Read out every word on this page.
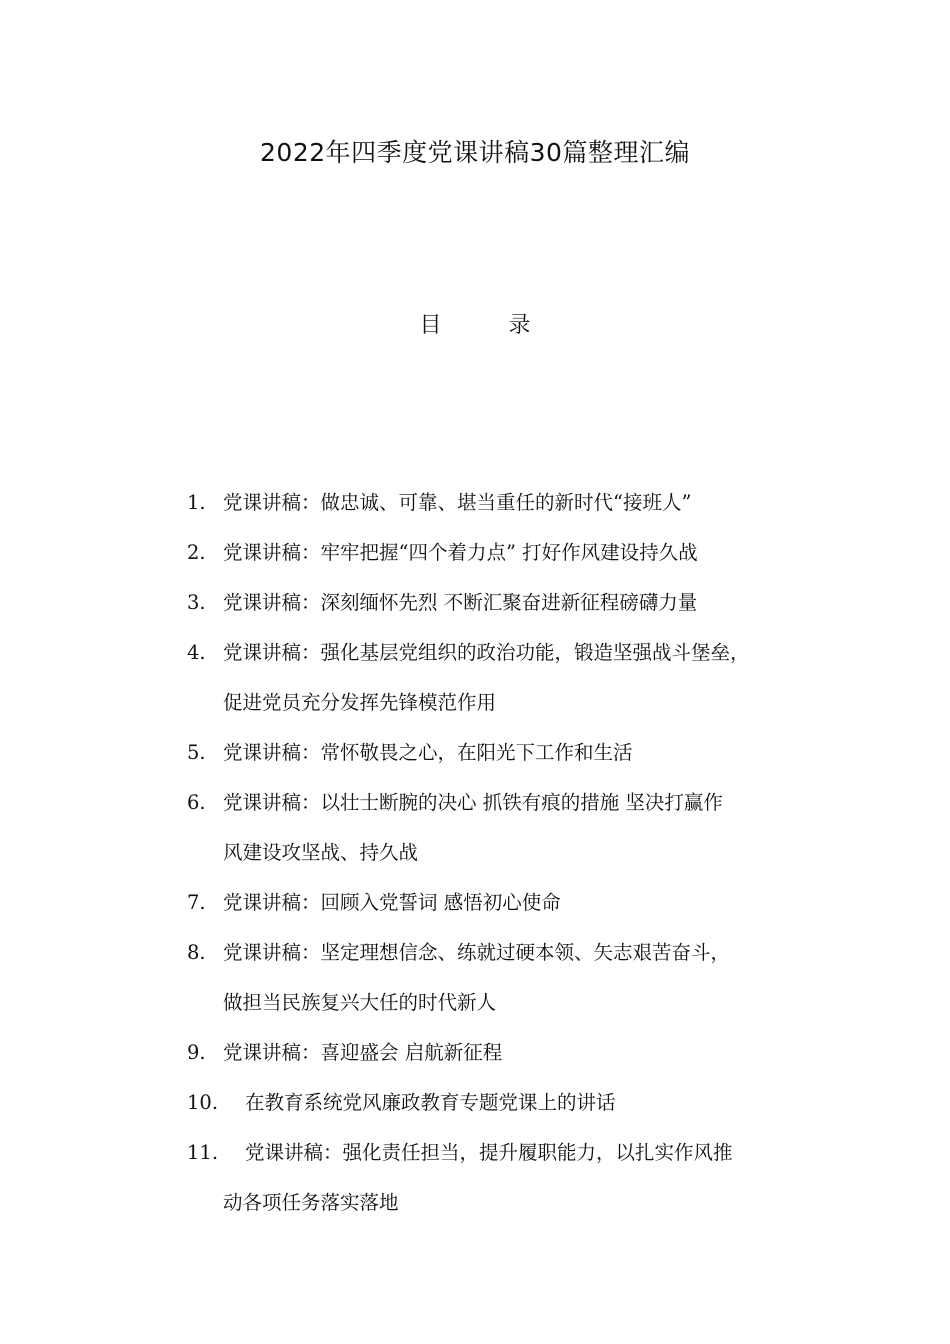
2022年四季度党课讲稿30篇整理汇编
目 录
1. 党课讲稿：做忠诚、可靠、堪当重任的新时代“接班人”
2. 党课讲稿：牢牢把握“四个着力点” 打好作风建设持久战
3. 党课讲稿：深刻缅怀先烈 不断汇聚奋进新征程磅礴力量
4. 党课讲稿：强化基层党组织的政治功能，锻造坚强战斗堡垒，
促进党员充分发挥先锋模范作用
5. 党课讲稿：常怀敬畏之心，在阳光下工作和生活
6. 党课讲稿：以壮士断腕的决心 抓铁有痕的措施 坚决打赢作
风建设攻坚战、持久战
7. 党课讲稿：回顾入党誓词 感悟初心使命
8. 党课讲稿：坚定理想信念、练就过硬本领、矢志艰苦奋斗，
做担当民族复兴大任的时代新人
9. 党课讲稿：喜迎盛会 启航新征程
10.	在教育系统党风廉政教育专题党课上的讲话
11.	党课讲稿：强化责任担当，提升履职能力，以扎实作风推
动各项任务落实落地
